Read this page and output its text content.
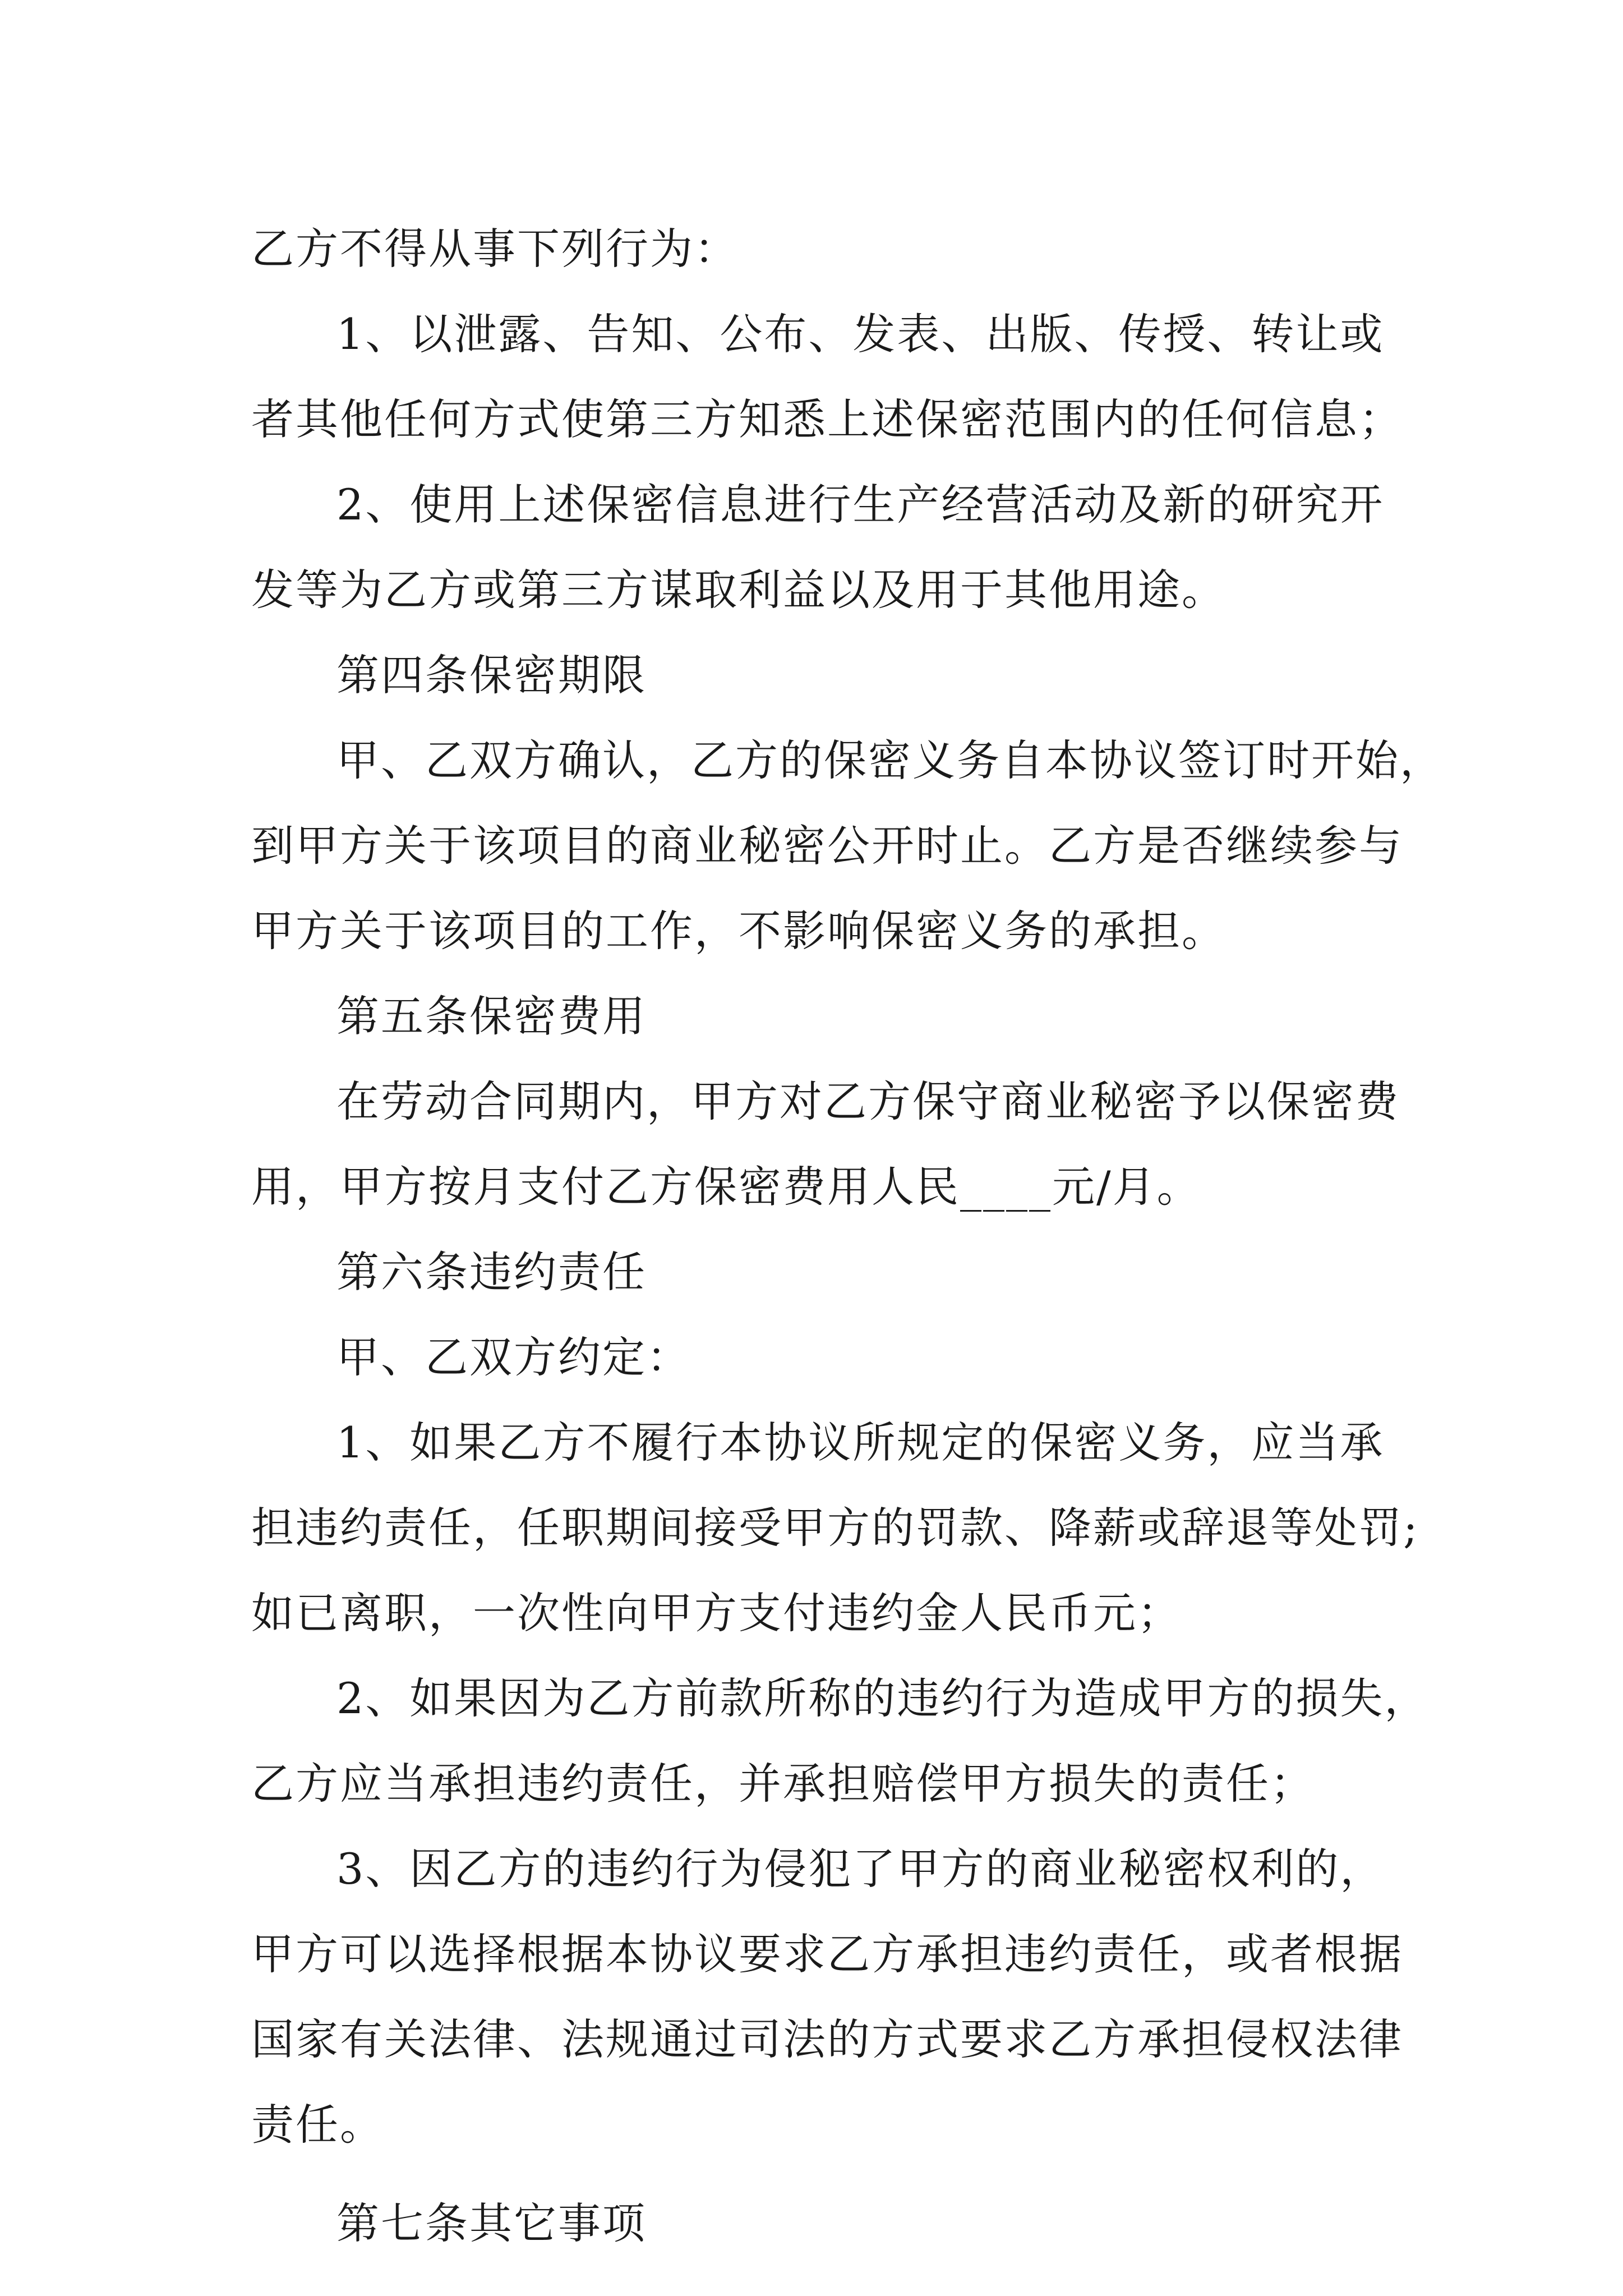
乙方不得从事下列行为：
1、以泄露、告知、公布、发表、出版、传授、转让或
者其他任何方式使第三方知悉上述保密范围内的任何信息；
2、使用上述保密信息进行生产经营活动及新的研究开
发等为乙方或第三方谋取利益以及用于其他用途。
第四条保密期限
甲、乙双方确认，乙方的保密义务自本协议签订时开始，
到甲方关于该项目的商业秘密公开时止。乙方是否继续参与
甲方关于该项目的工作，不影响保密义务的承担。
第五条保密费用
在劳动合同期内，甲方对乙方保守商业秘密予以保密费
用，甲方按月支付乙方保密费用人民____元/月。
第六条违约责任
甲、乙双方约定：
1、如果乙方不履行本协议所规定的保密义务，应当承
担违约责任，任职期间接受甲方的罚款、降薪或辞退等处罚;
如已离职，一次性向甲方支付违约金人民币元；
2、如果因为乙方前款所称的违约行为造成甲方的损失，
乙方应当承担违约责任，并承担赔偿甲方损失的责任；
3、因乙方的违约行为侵犯了甲方的商业秘密权利的，
甲方可以选择根据本协议要求乙方承担违约责任，或者根据
国家有关法律、法规通过司法的方式要求乙方承担侵权法律
责任。
第七条其它事项
